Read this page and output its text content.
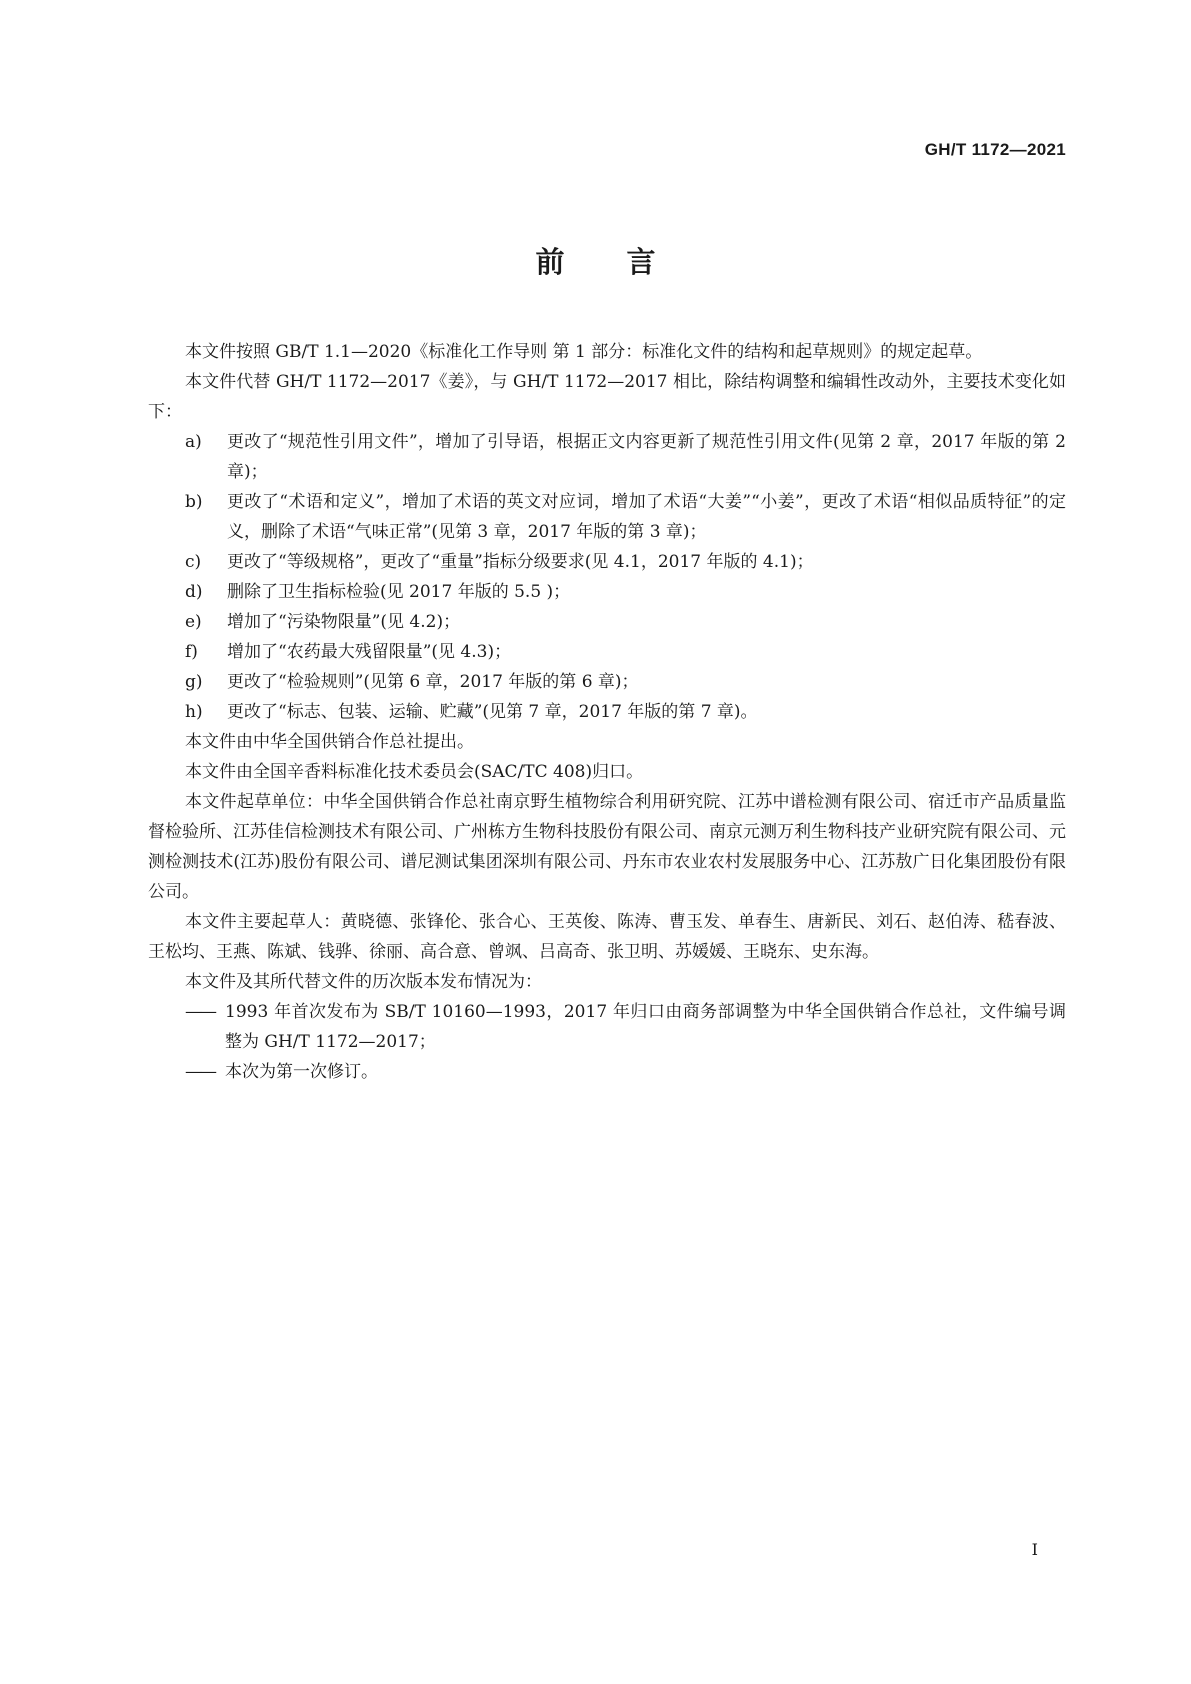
GH/T 1172—2021
前言

本文件按照 GB/T 1.1—2020《标准化工作导则 第 1 部分：标准化文件的结构和起草规则》的规定起草。

本文件代替 GH/T 1172—2017《姜》，与 GH/T 1172—2017 相比，除结构调整和编辑性改动外，主要技术变化如下：

a)	更改了“规范性引用文件”，增加了引导语，根据正文内容更新了规范性引用文件(见第 2 章，2017 年版的第 2 章)；
b)	更改了“术语和定义”，增加了术语的英文对应词，增加了术语“大姜”“小姜”，更改了术语“相似品质特征”的定义，删除了术语“气味正常”(见第 3 章，2017 年版的第 3 章)；
c)	更改了“等级规格”，更改了“重量”指标分级要求(见 4.1，2017 年版的 4.1)；
d)	删除了卫生指标检验(见 2017 年版的 5.5 )；
e)	增加了“污染物限量”(见 4.2)；
f)	增加了“农药最大残留限量”(见 4.3)；
g)	更改了“检验规则”(见第 6 章，2017 年版的第 6 章)；
h)	更改了“标志、包装、运输、贮藏”(见第 7 章，2017 年版的第 7 章)。

本文件由中华全国供销合作总社提出。

本文件由全国辛香料标准化技术委员会(SAC/TC 408)归口。

本文件起草单位：中华全国供销合作总社南京野生植物综合利用研究院、江苏中谱检测有限公司、宿迁市产品质量监督检验所、江苏佳信检测技术有限公司、广州栋方生物科技股份有限公司、南京元测万利生物科技产业研究院有限公司、元测检测技术(江苏)股份有限公司、谱尼测试集团深圳有限公司、丹东市农业农村发展服务中心、江苏敖广日化集团股份有限公司。

本文件主要起草人：黄晓德、张锋伦、张合心、王英俊、陈涛、曹玉发、单春生、唐新民、刘石、赵伯涛、嵇春波、王松均、王燕、陈斌、钱骅、徐丽、高合意、曾飒、吕高奇、张卫明、苏媛媛、王晓东、史东海。

本文件及其所代替文件的历次版本发布情况为：

—— 1993 年首次发布为 SB/T 10160—1993，2017 年归口由商务部调整为中华全国供销合作总社，文件编号调整为 GH/T 1172—2017；
—— 本次为第一次修订。
I
